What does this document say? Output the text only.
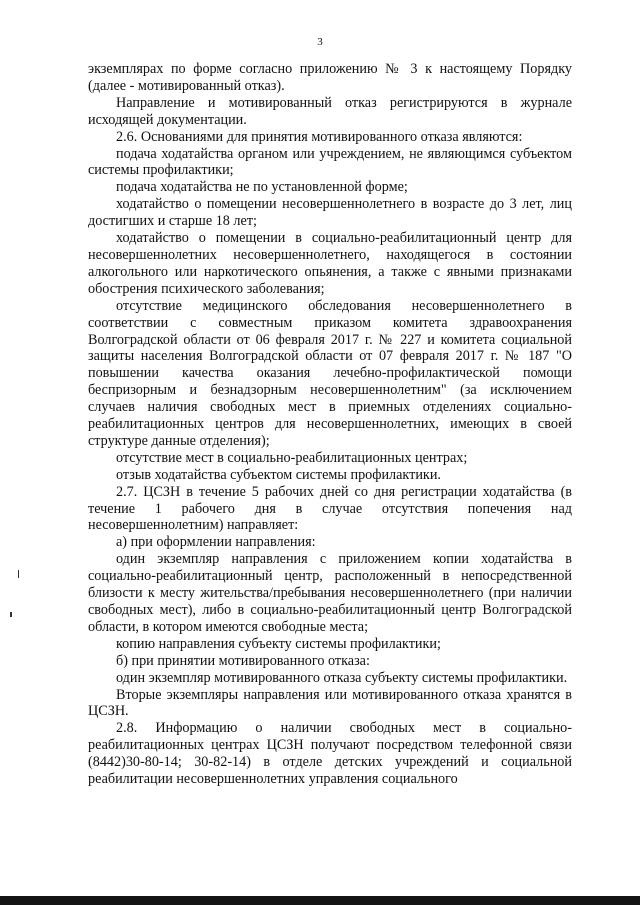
3

экземплярах по форме согласно приложению № 3 к настоящему Порядку (далее - мотивированный отказ).

Направление и мотивированный отказ регистрируются в журнале исходящей документации.

2.6. Основаниями для принятия мотивированного отказа являются:

подача ходатайства органом или учреждением, не являющимся субъектом системы профилактики;

подача ходатайства не по установленной форме;

ходатайство о помещении несовершеннолетнего в возрасте до 3 лет, лиц достигших и старше 18 лет;

ходатайство о помещении в социально-реабилитационный центр для несовершеннолетних несовершеннолетнего, находящегося в состоянии алкогольного или наркотического опьянения, а также с явными признаками обострения психического заболевания;

отсутствие медицинского обследования несовершеннолетнего в соответствии с совместным приказом комитета здравоохранения Волгоградской области от 06 февраля 2017 г. № 227 и комитета социальной защиты населения Волгоградской области от 07 февраля 2017 г. № 187 "О повышении качества оказания лечебно-профилактической помощи беспризорным и безнадзорным несовершеннолетним" (за исключением случаев наличия свободных мест в приемных отделениях социально-реабилитационных центров для несовершеннолетних, имеющих в своей структуре данные отделения);

отсутствие мест в социально-реабилитационных центрах;

отзыв ходатайства субъектом системы профилактики.

2.7. ЦСЗН в течение 5 рабочих дней со дня регистрации ходатайства (в течение 1 рабочего дня в случае отсутствия попечения над несовершеннолетним) направляет:

а) при оформлении направления:

один экземпляр направления с приложением копии ходатайства в социально-реабилитационный центр, расположенный в непосредственной близости к месту жительства/пребывания несовершеннолетнего (при наличии свободных мест), либо в социально-реабилитационный центр Волгоградской области, в котором имеются свободные места;

копию направления субъекту системы профилактики;

б) при принятии мотивированного отказа:

один экземпляр мотивированного отказа субъекту системы профилактики.

Вторые экземпляры направления или мотивированного отказа хранятся в ЦСЗН.

2.8. Информацию о наличии свободных мест в социально-реабилитационных центрах ЦСЗН получают посредством телефонной связи (8442)30-80-14; 30-82-14) в отделе детских учреждений и социальной реабилитации несовершеннолетних управления социального
